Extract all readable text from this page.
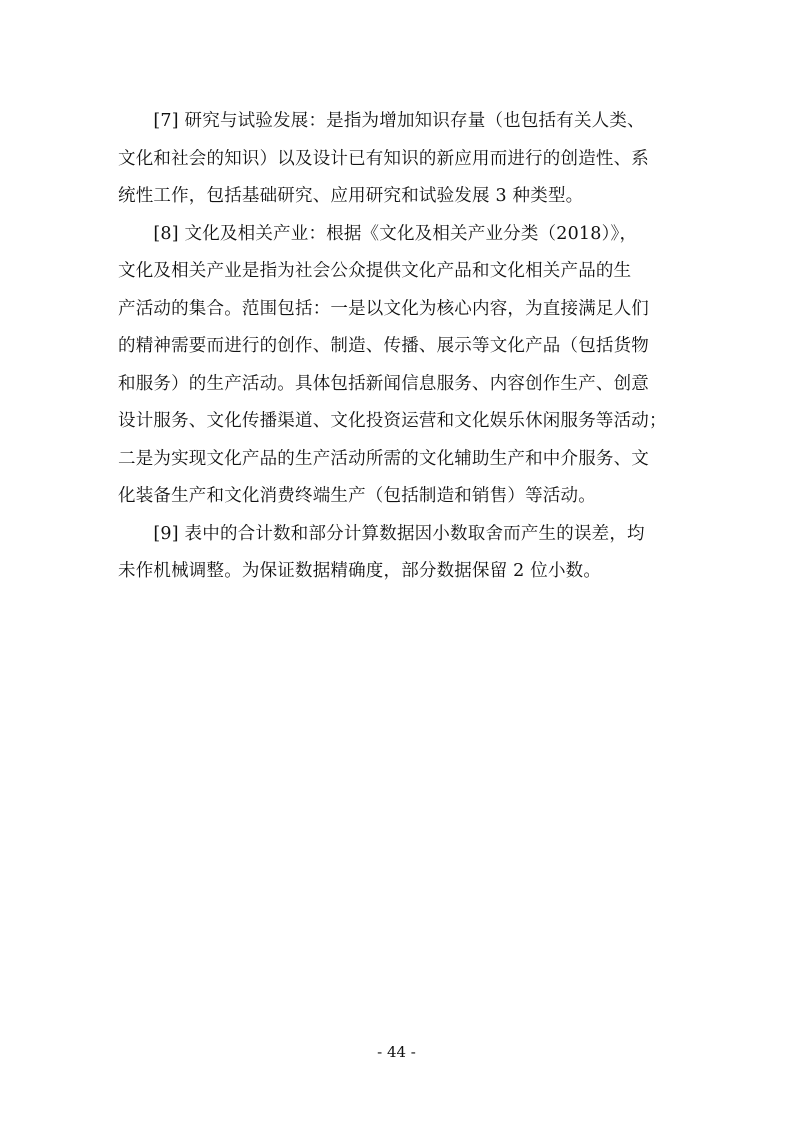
　　[7] 研究与试验发展：是指为增加知识存量（也包括有关人类、
文化和社会的知识）以及设计已有知识的新应用而进行的创造性、系
统性工作，包括基础研究、应用研究和试验发展 3 种类型。

　　[8] 文化及相关产业：根据《文化及相关产业分类（2018）》，
文化及相关产业是指为社会公众提供文化产品和文化相关产品的生
产活动的集合。范围包括：一是以文化为核心内容，为直接满足人们
的精神需要而进行的创作、制造、传播、展示等文化产品（包括货物
和服务）的生产活动。具体包括新闻信息服务、内容创作生产、创意
设计服务、文化传播渠道、文化投资运营和文化娱乐休闲服务等活动；
二是为实现文化产品的生产活动所需的文化辅助生产和中介服务、文
化装备生产和文化消费终端生产（包括制造和销售）等活动。

　　[9] 表中的合计数和部分计算数据因小数取舍而产生的误差，均
未作机械调整。为保证数据精确度，部分数据保留 2 位小数。

- 44 -
